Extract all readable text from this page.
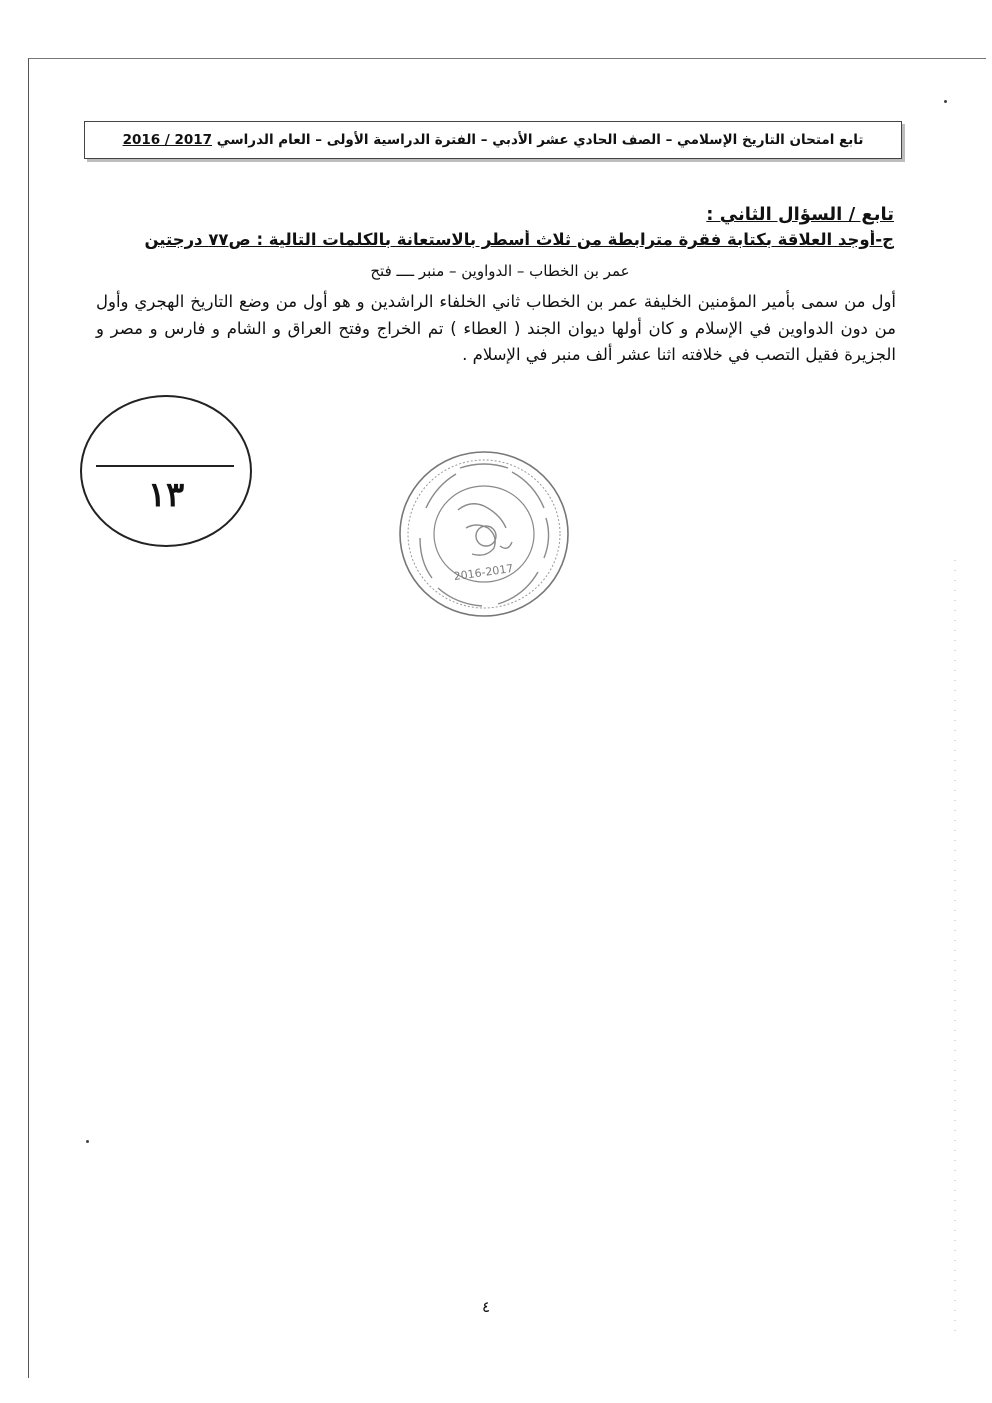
تابع امتحان التاريخ الإسلامي – الصف الحادي عشر الأدبي – الفترة الدراسية الأولى – العام الدراسي

2016 / 2017
تابع / السؤال الثاني :
ج-أوجد العلاقة بكتابة فقرة مترابطة من ثلاث أسطر بالاستعانة بالكلمات التالية : ص٧٧ درجتين
عمر بن الخطاب – الدواوين – منبر ــــ فتح
أول من سمى بأمير المؤمنين الخليفة عمر بن الخطاب ثاني الخلفاء الراشدين و هو أول من وضع التاريخ الهجري وأول من دون الدواوين في الإسلام و كان أولها ديوان الجند ( العطاء ) تم الخراج وفتح العراق و الشام و فارس و مصر و الجزيرة فقيل التصب في خلافته اثنا عشر ألف منبر في الإسلام .
١٣
2016-2017
٤
